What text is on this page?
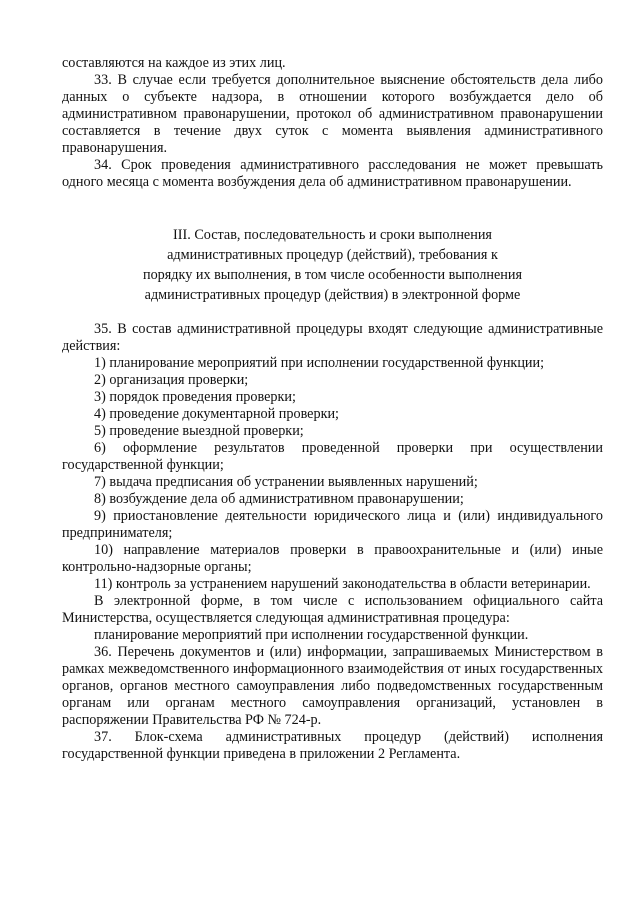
составляются на каждое из этих лиц.

33. В случае если требуется дополнительное выяснение обстоятельств дела либо данных о субъекте надзора, в отношении которого возбуждается дело об административном правонарушении, протокол об административном правонарушении составляется в течение двух суток с момента выявления административного правонарушения.

34. Срок проведения административного расследования не может превышать одного месяца с момента возбуждения дела об административном правонарушении.

III. Состав, последовательность и сроки выполнения
административных процедур (действий), требования к
порядку их выполнения, в том числе особенности выполнения
административных процедур (действия) в электронной форме

35. В состав административной процедуры входят следующие административные действия:

1) планирование мероприятий при исполнении государственной функции;

2) организация проверки;

3) порядок проведения проверки;

4) проведение документарной проверки;

5) проведение выездной проверки;

6) оформление результатов проведенной проверки при осуществлении государственной функции;

7) выдача предписания об устранении выявленных нарушений;

8) возбуждение дела об административном правонарушении;

9) приостановление деятельности юридического лица и (или) индивидуального предпринимателя;

10) направление материалов проверки в правоохранительные и (или) иные контрольно-надзорные органы;

11) контроль за устранением нарушений законодательства в области ветеринарии.

В электронной форме, в том числе с использованием официального сайта Министерства, осуществляется следующая административная процедура:

планирование мероприятий при исполнении государственной функции.

36. Перечень документов и (или) информации, запрашиваемых Министерством в рамках межведомственного информационного взаимодействия от иных государственных органов, органов местного самоуправления либо подведомственных государственным органам или органам местного самоуправления организаций, установлен в распоряжении Правительства РФ № 724-р.

37. Блок-схема административных процедур (действий) исполнения государственной функции приведена в приложении 2 Регламента.
